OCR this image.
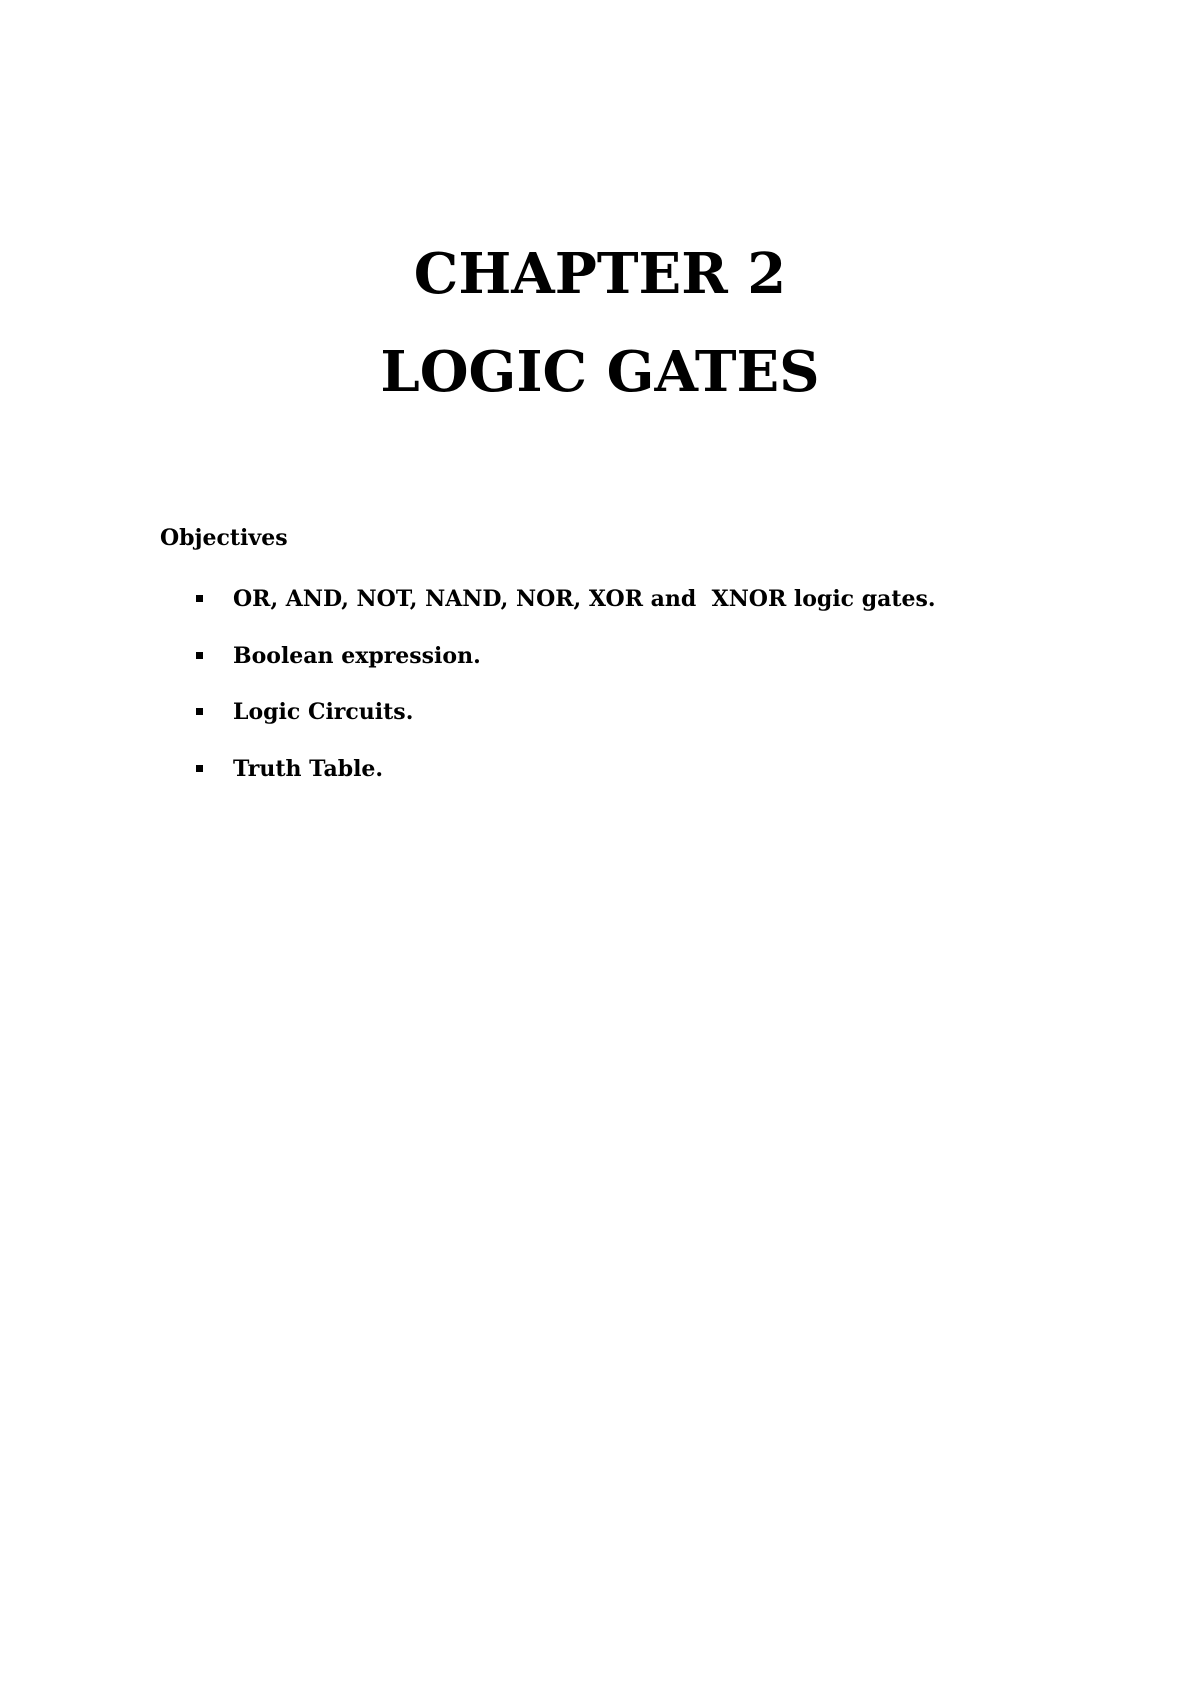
CHAPTER 2
LOGIC GATES
Objectives
OR, AND, NOT, NAND, NOR, XOR and  XNOR logic gates.
Boolean expression.
Logic Circuits.
Truth Table.
